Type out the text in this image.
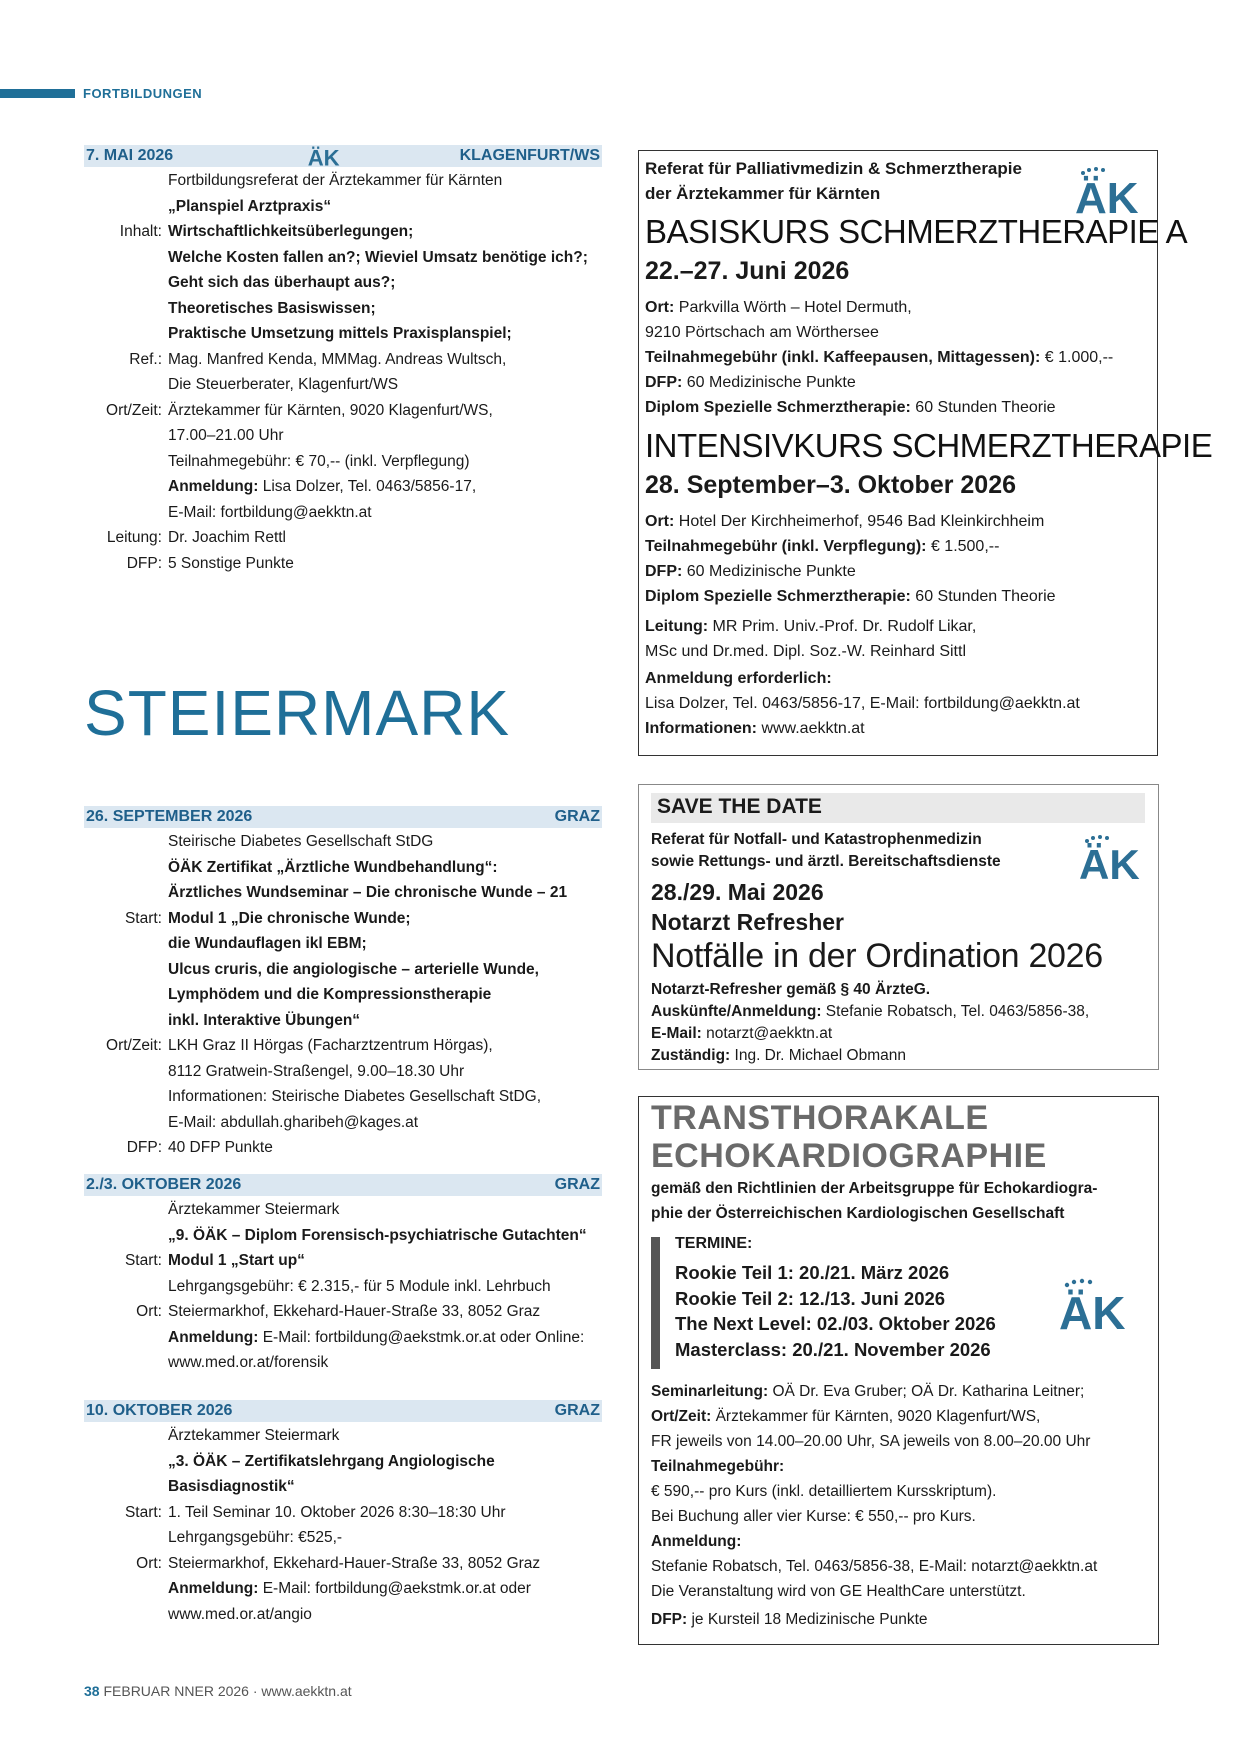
FORTBILDUNGEN
7. MAI 2026	ÄK	KLAGENFURT/WS
Fortbildungsreferat der Ärztekammer für Kärnten
„Planspiel Arztpraxis“
Inhalt: Wirtschaftlichkeitsüberlegungen;
Welche Kosten fallen an?; Wieviel Umsatz benötige ich?;
Geht sich das überhaupt aus?;
Theoretisches Basiswissen;
Praktische Umsetzung mittels Praxisplanspiel;
Ref.: Mag. Manfred Kenda, MMMag. Andreas Wultsch,
Die Steuerberater, Klagenfurt/WS
Ort/Zeit: Ärztekammer für Kärnten, 9020 Klagenfurt/WS,
17.00–21.00 Uhr
Teilnahmegebühr: € 70,-- (inkl. Verpflegung)
Anmeldung: Lisa Dolzer, Tel. 0463/5856-17,
E-Mail: fortbildung@aekktn.at
Leitung: Dr. Joachim Rettl
DFP: 5 Sonstige Punkte
STEIERMARK
26. SEPTEMBER 2026	GRAZ
Steirische Diabetes Gesellschaft StDG
ÖÄK Zertifikat „Ärztliche Wundbehandlung“:
Ärztliches Wundseminar – Die chronische Wunde – 21
Start: Modul 1 „Die chronische Wunde;
die Wundauflagen ikl EBM;
Ulcus cruris, die angiologische – arterielle Wunde,
Lymphödem und die Kompressionstherapie
inkl. Interaktive Übungen“
Ort/Zeit: LKH Graz II Hörgas (Facharztzentrum Hörgas),
8112 Gratwein-Straßengel, 9.00–18.30 Uhr
Informationen: Steirische Diabetes Gesellschaft StDG,
E-Mail: abdullah.gharibeh@kages.at
DFP: 40 DFP Punkte
2./3. OKTOBER 2026	GRAZ
Ärztekammer Steiermark
„9. ÖÄK – Diplom Forensisch-psychiatrische Gutachten“
Start: Modul 1 „Start up“
Lehrgangsgebühr: € 2.315,- für 5 Module inkl. Lehrbuch
Ort: Steiermarkhof, Ekkehard-Hauer-Straße 33, 8052 Graz
Anmeldung: E-Mail: fortbildung@aekstmk.or.at oder Online:
www.med.or.at/forensik
10. OKTOBER 2026	GRAZ
Ärztekammer Steiermark
„3. ÖÄK – Zertifikatslehrgang Angiologische
Basisdiagnostik“
Start: 1. Teil Seminar 10. Oktober 2026 8:30–18:30 Uhr
Lehrgangsgebühr: €525,-
Ort: Steiermarkhof, Ekkehard-Hauer-Straße 33, 8052 Graz
Anmeldung: E-Mail: fortbildung@aekstmk.or.at oder
www.med.or.at/angio
Referat für Palliativmedizin & Schmerztherapie
der Ärztekammer für Kärnten	ÄK
BASISKURS SCHMERZTHERAPIE A
22.–27. Juni 2026
Ort: Parkvilla Wörth – Hotel Dermuth,
9210 Pörtschach am Wörthersee
Teilnahmegebühr (inkl. Kaffeepausen, Mittagessen): € 1.000,--
DFP: 60 Medizinische Punkte
Diplom Spezielle Schmerztherapie: 60 Stunden Theorie
INTENSIVKURS SCHMERZTHERAPIE
28. September–3. Oktober 2026
Ort: Hotel Der Kirchheimerhof, 9546 Bad Kleinkirchheim
Teilnahmegebühr (inkl. Verpflegung): € 1.500,--
DFP: 60 Medizinische Punkte
Diplom Spezielle Schmerztherapie: 60 Stunden Theorie
Leitung: MR Prim. Univ.-Prof. Dr. Rudolf Likar,
MSc und Dr.med. Dipl. Soz.-W. Reinhard Sittl
Anmeldung erforderlich:
Lisa Dolzer, Tel. 0463/5856-17, E-Mail: fortbildung@aekktn.at
Informationen: www.aekktn.at
SAVE THE DATE
Referat für Notfall- und Katastrophenmedizin
sowie Rettungs- und ärztl. Bereitschaftsdienste ÄK
28./29. Mai 2026
Notarzt Refresher
Notfälle in der Ordination 2026
Notarzt-Refresher gemäß § 40 ÄrzteG.
Auskünfte/Anmeldung: Stefanie Robatsch, Tel. 0463/5856-38,
E-Mail: notarzt@aekktn.at
Zuständig: Ing. Dr. Michael Obmann
TRANSTHORAKALE
ECHOKARDIOGRAPHIE
gemäß den Richtlinien der Arbeitsgruppe für Echokardiogra-
phie der Österreichischen Kardiologischen Gesellschaft
TERMINE:
Rookie Teil 1: 20./21. März 2026
Rookie Teil 2: 12./13. Juni 2026
The Next Level: 02./03. Oktober 2026
Masterclass: 20./21. November 2026
ÄK
Seminarleitung: OÄ Dr. Eva Gruber; OÄ Dr. Katharina Leitner;
Ort/Zeit: Ärztekammer für Kärnten, 9020 Klagenfurt/WS,
FR jeweils von 14.00–20.00 Uhr, SA jeweils von 8.00–20.00 Uhr
Teilnahmegebühr:
€ 590,-- pro Kurs (inkl. detailliertem Kursskriptum).
Bei Buchung aller vier Kurse: € 550,-- pro Kurs.
Anmeldung:
Stefanie Robatsch, Tel. 0463/5856-38, E-Mail: notarzt@aekktn.at
Die Veranstaltung wird von GE HealthCare unterstützt.
DFP: je Kursteil 18 Medizinische Punkte
38 FEBRUAR NNER 2026 · www.aekktn.at
